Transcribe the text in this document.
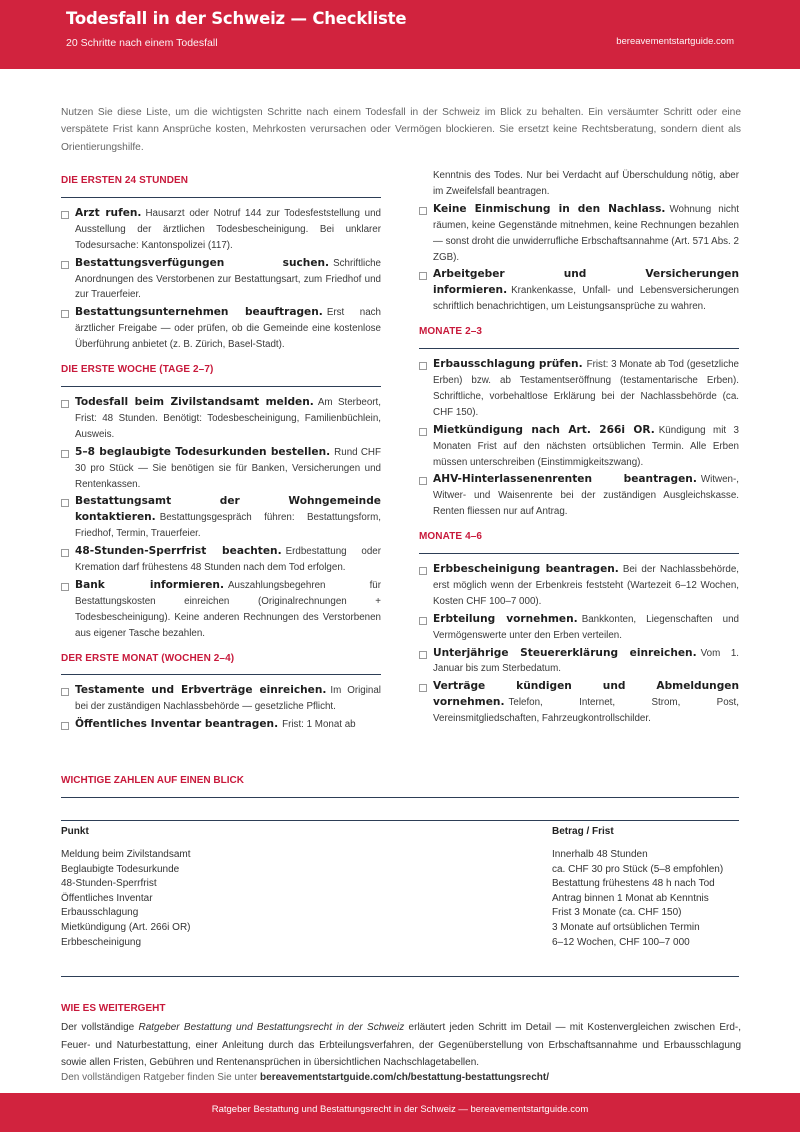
Todesfall in der Schweiz — Checkliste
20 Schritte nach einem Todesfall	bereavementstartguide.com

Nutzen Sie diese Liste, um die wichtigsten Schritte nach einem Todesfall in der Schweiz im Blick zu behalten. Ein versäumter Schritt oder eine verspätete Frist kann Ansprüche kosten, Mehrkosten verursachen oder Vermögen blockieren. Sie ersetzt keine Rechtsberatung, sondern dient als Orientierungshilfe.

DIE ERSTEN 24 STUNDEN
Arzt rufen. Hausarzt oder Notruf 144 zur Todesfeststellung und Ausstellung der ärztlichen Todesbescheinigung. Bei unklarer Todesursache: Kantonspolizei (117).
Bestattungsverfügungen suchen. Schriftliche Anordnungen des Verstorbenen zur Bestattungsart, zum Friedhof und zur Trauerfeier.
Bestattungsunternehmen beauftragen. Erst nach ärztlicher Freigabe — oder prüfen, ob die Gemeinde eine kostenlose Überführung anbietet (z. B. Zürich, Basel-Stadt).
DIE ERSTE WOCHE (TAGE 2–7)
Todesfall beim Zivilstandsamt melden. Am Sterbeort, Frist: 48 Stunden. Benötigt: Todesbescheinigung, Familienbüchlein, Ausweis.
5–8 beglaubigte Todesurkunden bestellen. Rund CHF 30 pro Stück — Sie benötigen sie für Banken, Versicherungen und Rentenkassen.
Bestattungsamt der Wohngemeinde kontaktieren. Bestattungsgespräch führen: Bestattungsform, Friedhof, Termin, Trauerfeier.
48-Stunden-Sperrfrist beachten. Erdbestattung oder Kremation darf frühestens 48 Stunden nach dem Tod erfolgen.
Bank informieren. Auszahlungsbegehren für Bestattungskosten einreichen (Originalrechnungen + Todesbescheinigung). Keine anderen Rechnungen des Verstorbenen aus eigener Tasche bezahlen.
DER ERSTE MONAT (WOCHEN 2–4)
Testamente und Erbverträge einreichen. Im Original bei der zuständigen Nachlassbehörde — gesetzliche Pflicht.
Öffentliches Inventar beantragen. Frist: 1 Monat ab
Kenntnis des Todes. Nur bei Verdacht auf Überschuldung nötig, aber im Zweifelsfall beantragen.
Keine Einmischung in den Nachlass. Wohnung nicht räumen, keine Gegenstände mitnehmen, keine Rechnungen bezahlen — sonst droht die unwiderrufliche Erbschaftsannahme (Art. 571 Abs. 2 ZGB).
Arbeitgeber und Versicherungen informieren. Krankenkasse, Unfall- und Lebensversicherungen schriftlich benachrichtigen, um Leistungsansprüche zu wahren.
MONATE 2–3
Erbausschlagung prüfen. Frist: 3 Monate ab Tod (gesetzliche Erben) bzw. ab Testamentseröffnung (testamentarische Erben). Schriftliche, vorbehaltlose Erklärung bei der Nachlassbehörde (ca. CHF 150).
Mietkündigung nach Art. 266i OR. Kündigung mit 3 Monaten Frist auf den nächsten ortsüblichen Termin. Alle Erben müssen unterschreiben (Einstimmigkeitszwang).
AHV-Hinterlassenenrenten beantragen. Witwen-, Witwer- und Waisenrente bei der zuständigen Ausgleichskasse. Renten fliessen nur auf Antrag.
MONATE 4–6
Erbbescheinigung beantragen. Bei der Nachlassbehörde, erst möglich wenn der Erbenkreis feststeht (Wartezeit 6–12 Wochen, Kosten CHF 100–7 000).
Erbteilung vornehmen. Bankkonten, Liegenschaften und Vermögenswerte unter den Erben verteilen.
Unterjährige Steuererklärung einreichen. Vom 1. Januar bis zum Sterbedatum.
Verträge kündigen und Abmeldungen vornehmen. Telefon, Internet, Strom, Post, Vereinsmitgliedschaften, Fahrzeugkontrollschilder.
WICHTIGE ZAHLEN AUF EINEN BLICK
Punkt	Betrag / Frist
Meldung beim Zivilstandsamt
Beglaubigte Todesurkunde
48-Stunden-Sperrfrist
Öffentliches Inventar
Erbausschlagung
Mietkündigung (Art. 266i OR)
Erbbescheinigung
Innerhalb 48 Stunden
ca. CHF 30 pro Stück (5–8 empfohlen)
Bestattung frühestens 48 h nach Tod
Antrag binnen 1 Monat ab Kenntnis
Frist 3 Monate (ca. CHF 150)
3 Monate auf ortsüblichen Termin
6–12 Wochen, CHF 100–7 000
WIE ES WEITERGEHT

Der vollständige Ratgeber Bestattung und Bestattungsrecht in der Schweiz erläutert jeden Schritt im Detail — mit Kostenvergleichen zwischen Erd-, Feuer- und Naturbestattung, einer Anleitung durch das Erbteilungsverfahren, der Gegenüberstellung von Erbschaftsannahme und Erbausschlagung sowie allen Fristen, Gebühren und Rentenansprüchen in übersichtlichen Nachschlagetabellen.

Den vollständigen Ratgeber finden Sie unter bereavementstartguide.com/ch/bestattung-bestattungsrecht/

Ratgeber Bestattung und Bestattungsrecht in der Schweiz — bereavementstartguide.com
